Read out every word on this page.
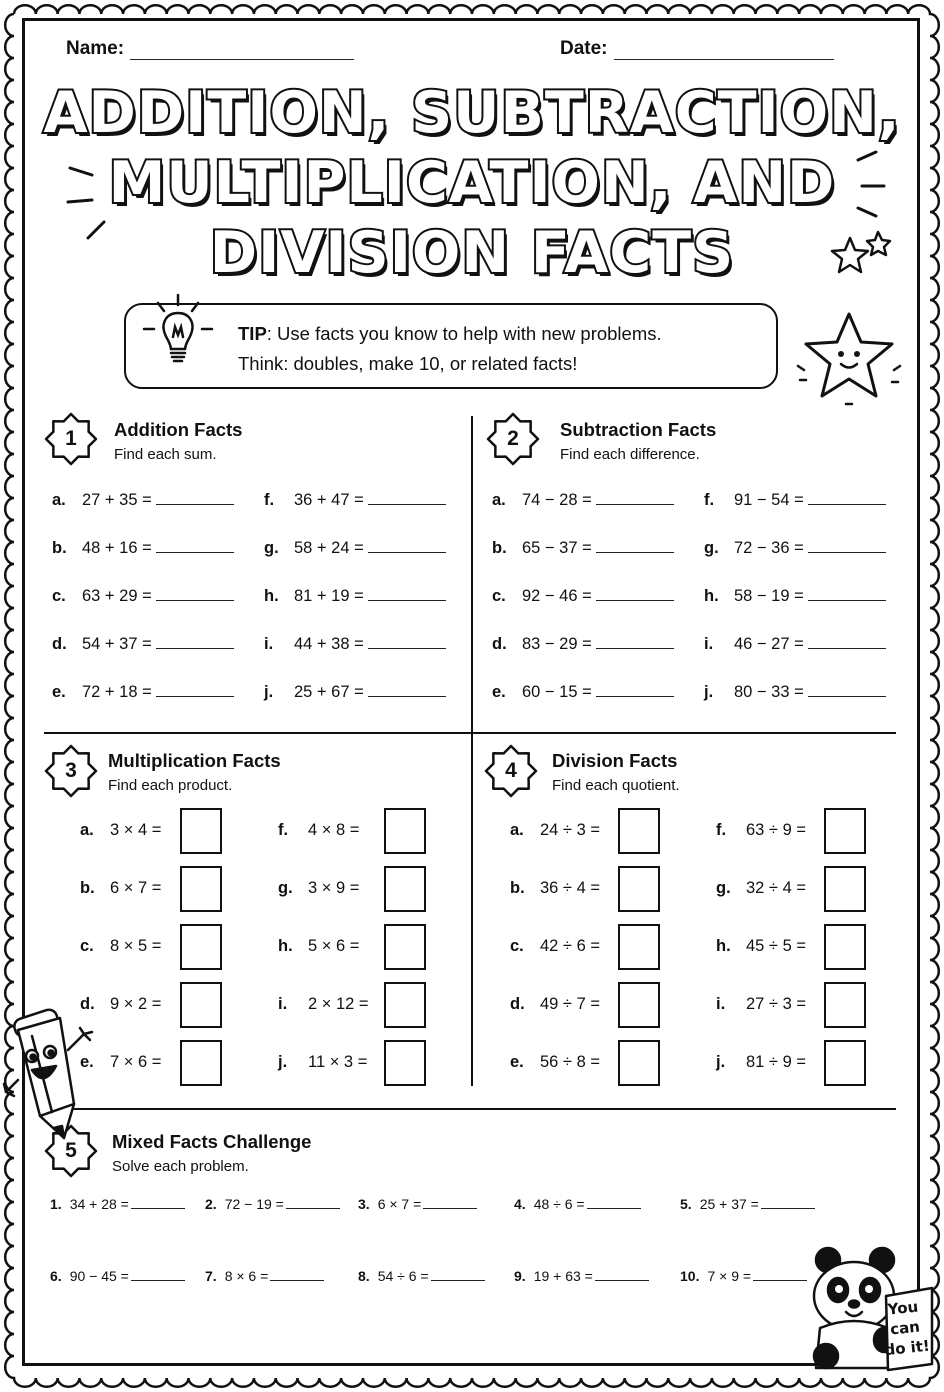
Name:	Date:
ADDITION, SUBTRACTION,
MULTIPLICATION, AND
DIVISION FACTS
TIP: Use facts you know to help with new problems.
Think: doubles, make 10, or related facts!
1	Addition Facts
Find each sum.
a. 27 + 35 =
b. 48 + 16 =
c. 63 + 29 =
d. 54 + 37 =
e. 72 + 18 =
f. 36 + 47 =
g. 58 + 24 =
h. 81 + 19 =
i. 44 + 38 =
j. 25 + 67 =
2	Subtraction Facts
Find each difference.
a. 74 − 28 =
b. 65 − 37 =
c. 92 − 46 =
d. 83 − 29 =
e. 60 − 15 =
f. 91 − 54 =
g. 72 − 36 =
h. 58 − 19 =
i. 46 − 27 =
j. 80 − 33 =
3	Multiplication Facts
Find each product.
a. 3 × 4 =
b. 6 × 7 =
c. 8 × 5 =
d. 9 × 2 =
e. 7 × 6 =
f. 4 × 8 =
g. 3 × 9 =
h. 5 × 6 =
i. 2 × 12 =
j. 11 × 3 =
4	Division Facts
Find each quotient.
a. 24 ÷ 3 =
b. 36 ÷ 4 =
c. 42 ÷ 6 =
d. 49 ÷ 7 =
e. 56 ÷ 8 =
f. 63 ÷ 9 =
g. 32 ÷ 4 =
h. 45 ÷ 5 =
i. 27 ÷ 3 =
j. 81 ÷ 9 =
5	Mixed Facts Challenge
Solve each problem.
1. 34 + 28 =	2. 72 − 19 =	3. 6 × 7 =	4. 48 ÷ 6 =	5. 25 + 37 =
6. 90 − 45 =	7. 8 × 6 =	8. 54 ÷ 6 =	9. 19 + 63 =	10. 7 × 9 =
You
can
do it!
